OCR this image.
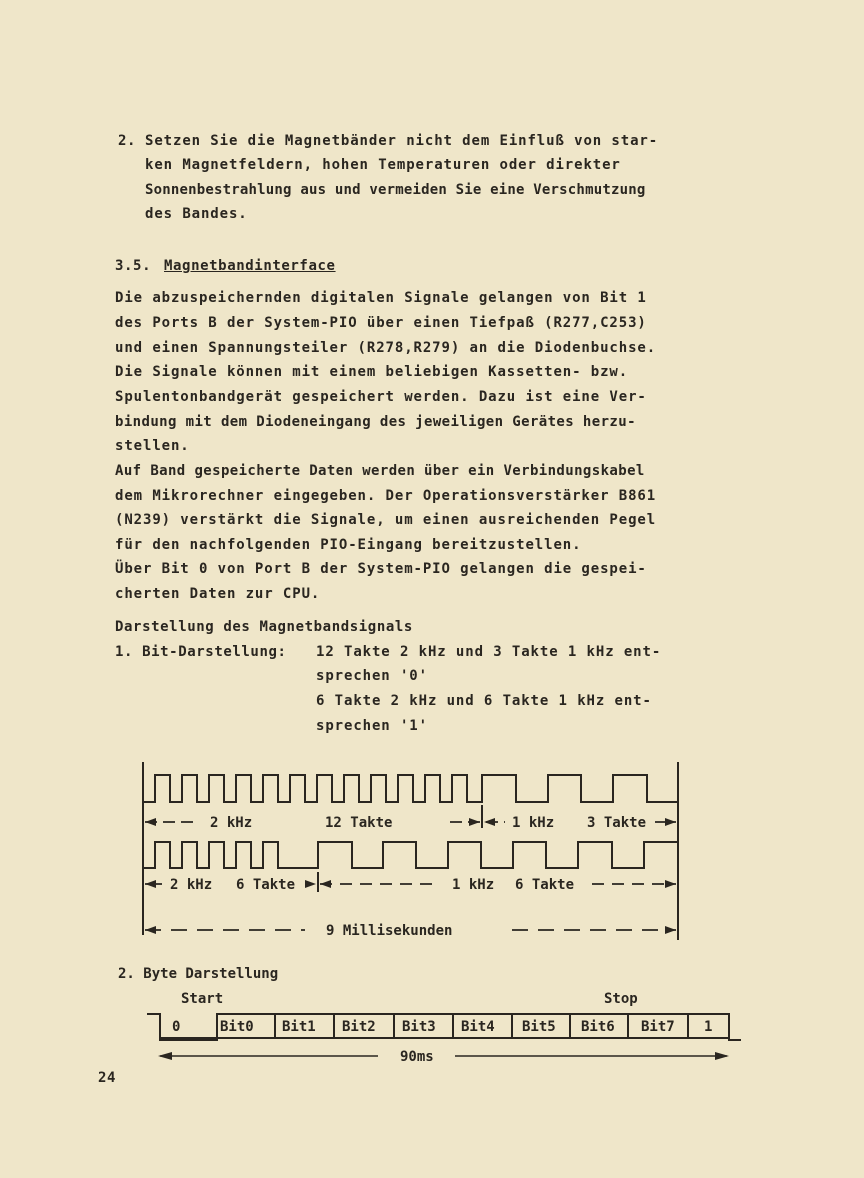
2. Setzen Sie die Magnetbänder nicht dem Einfluß von star-
ken Magnetfeldern, hohen Temperaturen oder direkter
Sonnenbestrahlung aus und vermeiden Sie eine Verschmutzung
des Bandes.
3.5. Magnetbandinterface
Die abzuspeichernden digitalen Signale gelangen von Bit 1
des Ports B der System-PIO über einen Tiefpaß (R277,C253)
und einen Spannungsteiler (R278,R279) an die Diodenbuchse.
Die Signale können mit einem beliebigen Kassetten- bzw.
Spulentonbandgerät gespeichert werden. Dazu ist eine Ver-
bindung mit dem Diodeneingang des jeweiligen Gerätes herzu-
stellen.
Auf Band gespeicherte Daten werden über ein Verbindungskabel
dem Mikrorechner eingegeben. Der Operationsverstärker B861
(N239) verstärkt die Signale, um einen ausreichenden Pegel
für den nachfolgenden PIO-Eingang bereitzustellen.
Über Bit 0 von Port B der System-PIO gelangen die gespei-
cherten Daten zur CPU.
Darstellung des Magnetbandsignals
1. Bit-Darstellung: 12 Takte 2 kHz und 3 Takte 1 kHz ent-
sprechen '0'
6 Takte 2 kHz und 6 Takte 1 kHz ent-
sprechen '1'
2 kHz	12 Takte	1 kHz 3 Takte
2 kHz 6 Takte	1 kHz 6 Takte
9 Millisekunden
2. Byte Darstellung
Start	Stop
0	Bit0 Bit1 Bit2 Bit3 Bit4 Bit5 Bit6 Bit7 1
90ms
24
